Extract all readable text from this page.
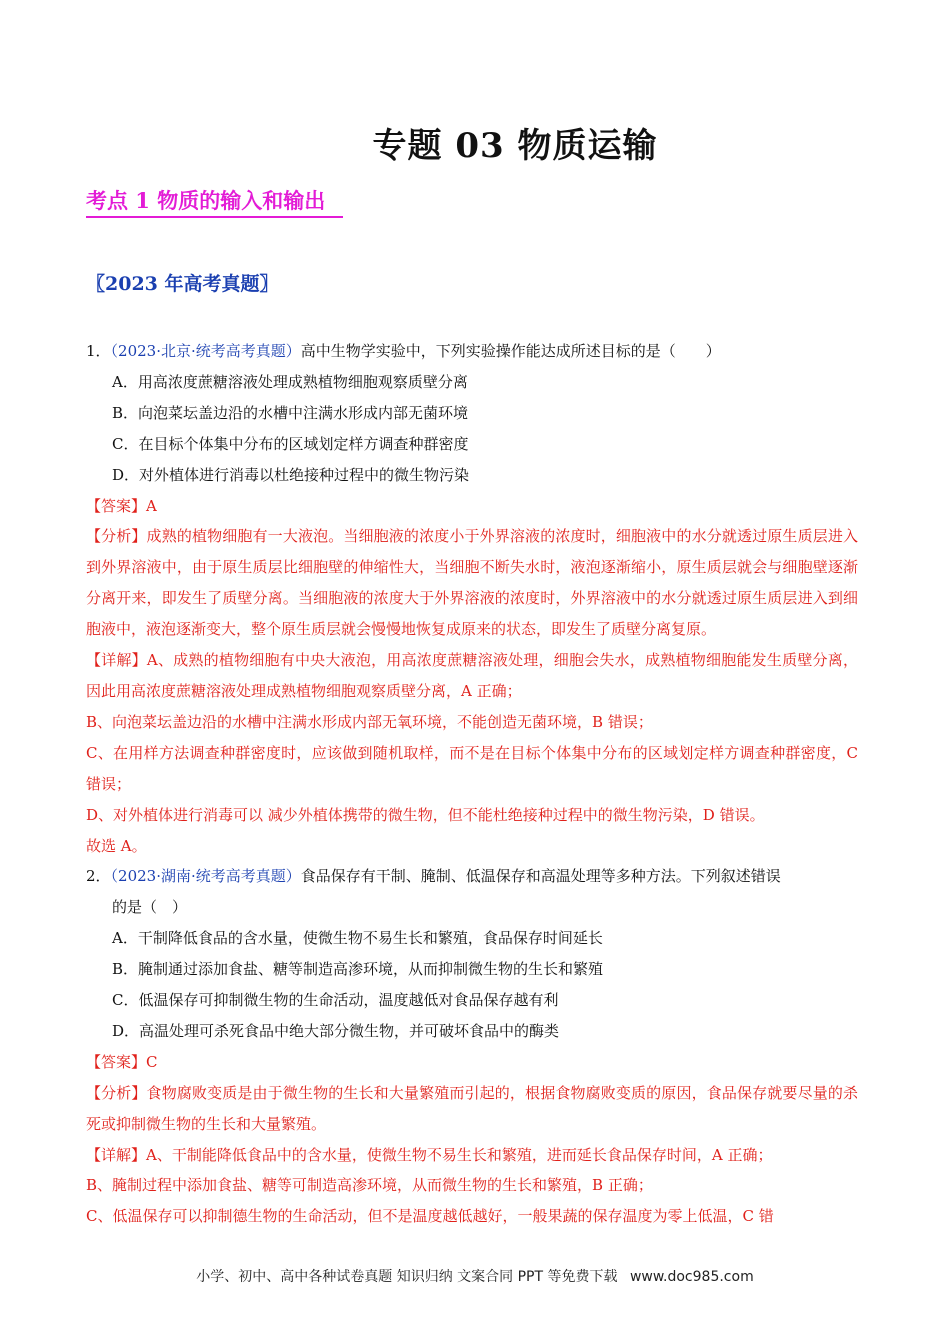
专题 03 物质运输
考点 1 物质的输入和输出
〖2023 年高考真题〗

1．（2023·北京·统考高考真题）高中生物学实验中，下列实验操作能达成所述目标的是（　　）

A．用高浓度蔗糖溶液处理成熟植物细胞观察质壁分离

B．向泡菜坛盖边沿的水槽中注满水形成内部无菌环境

C．在目标个体集中分布的区域划定样方调查种群密度

D．对外植体进行消毒以杜绝接种过程中的微生物污染

【答案】A

【分析】成熟的植物细胞有一大液泡。当细胞液的浓度小于外界溶液的浓度时，细胞液中的水分就透过原生质层进入到外界溶液中，由于原生质层比细胞壁的伸缩性大，当细胞不断失水时，液泡逐渐缩小，原生质层就会与细胞壁逐渐分离开来，即发生了质壁分离。当细胞液的浓度大于外界溶液的浓度时，外界溶液中的水分就透过原生质层进入到细胞液中，液泡逐渐变大，整个原生质层就会慢慢地恢复成原来的状态，即发生了质壁分离复原。

【详解】A、成熟的植物细胞有中央大液泡，用高浓度蔗糖溶液处理，细胞会失水，成熟植物细胞能发生质壁分离，因此用高浓度蔗糖溶液处理成熟植物细胞观察质壁分离，A 正确；

B、向泡菜坛盖边沿的水槽中注满水形成内部无氧环境，不能创造无菌环境，B 错误；

C、在用样方法调查种群密度时，应该做到随机取样，而不是在目标个体集中分布的区域划定样方调查种群密度，C 错误；

D、对外植体进行消毒可以 减少外植体携带的微生物，但不能杜绝接种过程中的微生物污染，D 错误。

故选 A。

2．（2023·湖南·统考高考真题）食品保存有干制、腌制、低温保存和高温处理等多种方法。下列叙述错误

的是（　）

A．干制降低食品的含水量，使微生物不易生长和繁殖，食品保存时间延长

B．腌制通过添加食盐、糖等制造高渗环境，从而抑制微生物的生长和繁殖

C．低温保存可抑制微生物的生命活动，温度越低对食品保存越有利

D．高温处理可杀死食品中绝大部分微生物，并可破坏食品中的酶类

【答案】C

【分析】食物腐败变质是由于微生物的生长和大量繁殖而引起的，根据食物腐败变质的原因，食品保存就要尽量的杀死或抑制微生物的生长和大量繁殖。

【详解】A、干制能降低食品中的含水量，使微生物不易生长和繁殖，进而延长食品保存时间，A 正确；

B、腌制过程中添加食盐、糖等可制造高渗环境，从而微生物的生长和繁殖，B 正确；

C、低温保存可以抑制德生物的生命活动，但不是温度越低越好，一般果蔬的保存温度为零上低温，C 错

小学、初中、高中各种试卷真题 知识归纳 文案合同 PPT 等免费下载 www.doc985.com
